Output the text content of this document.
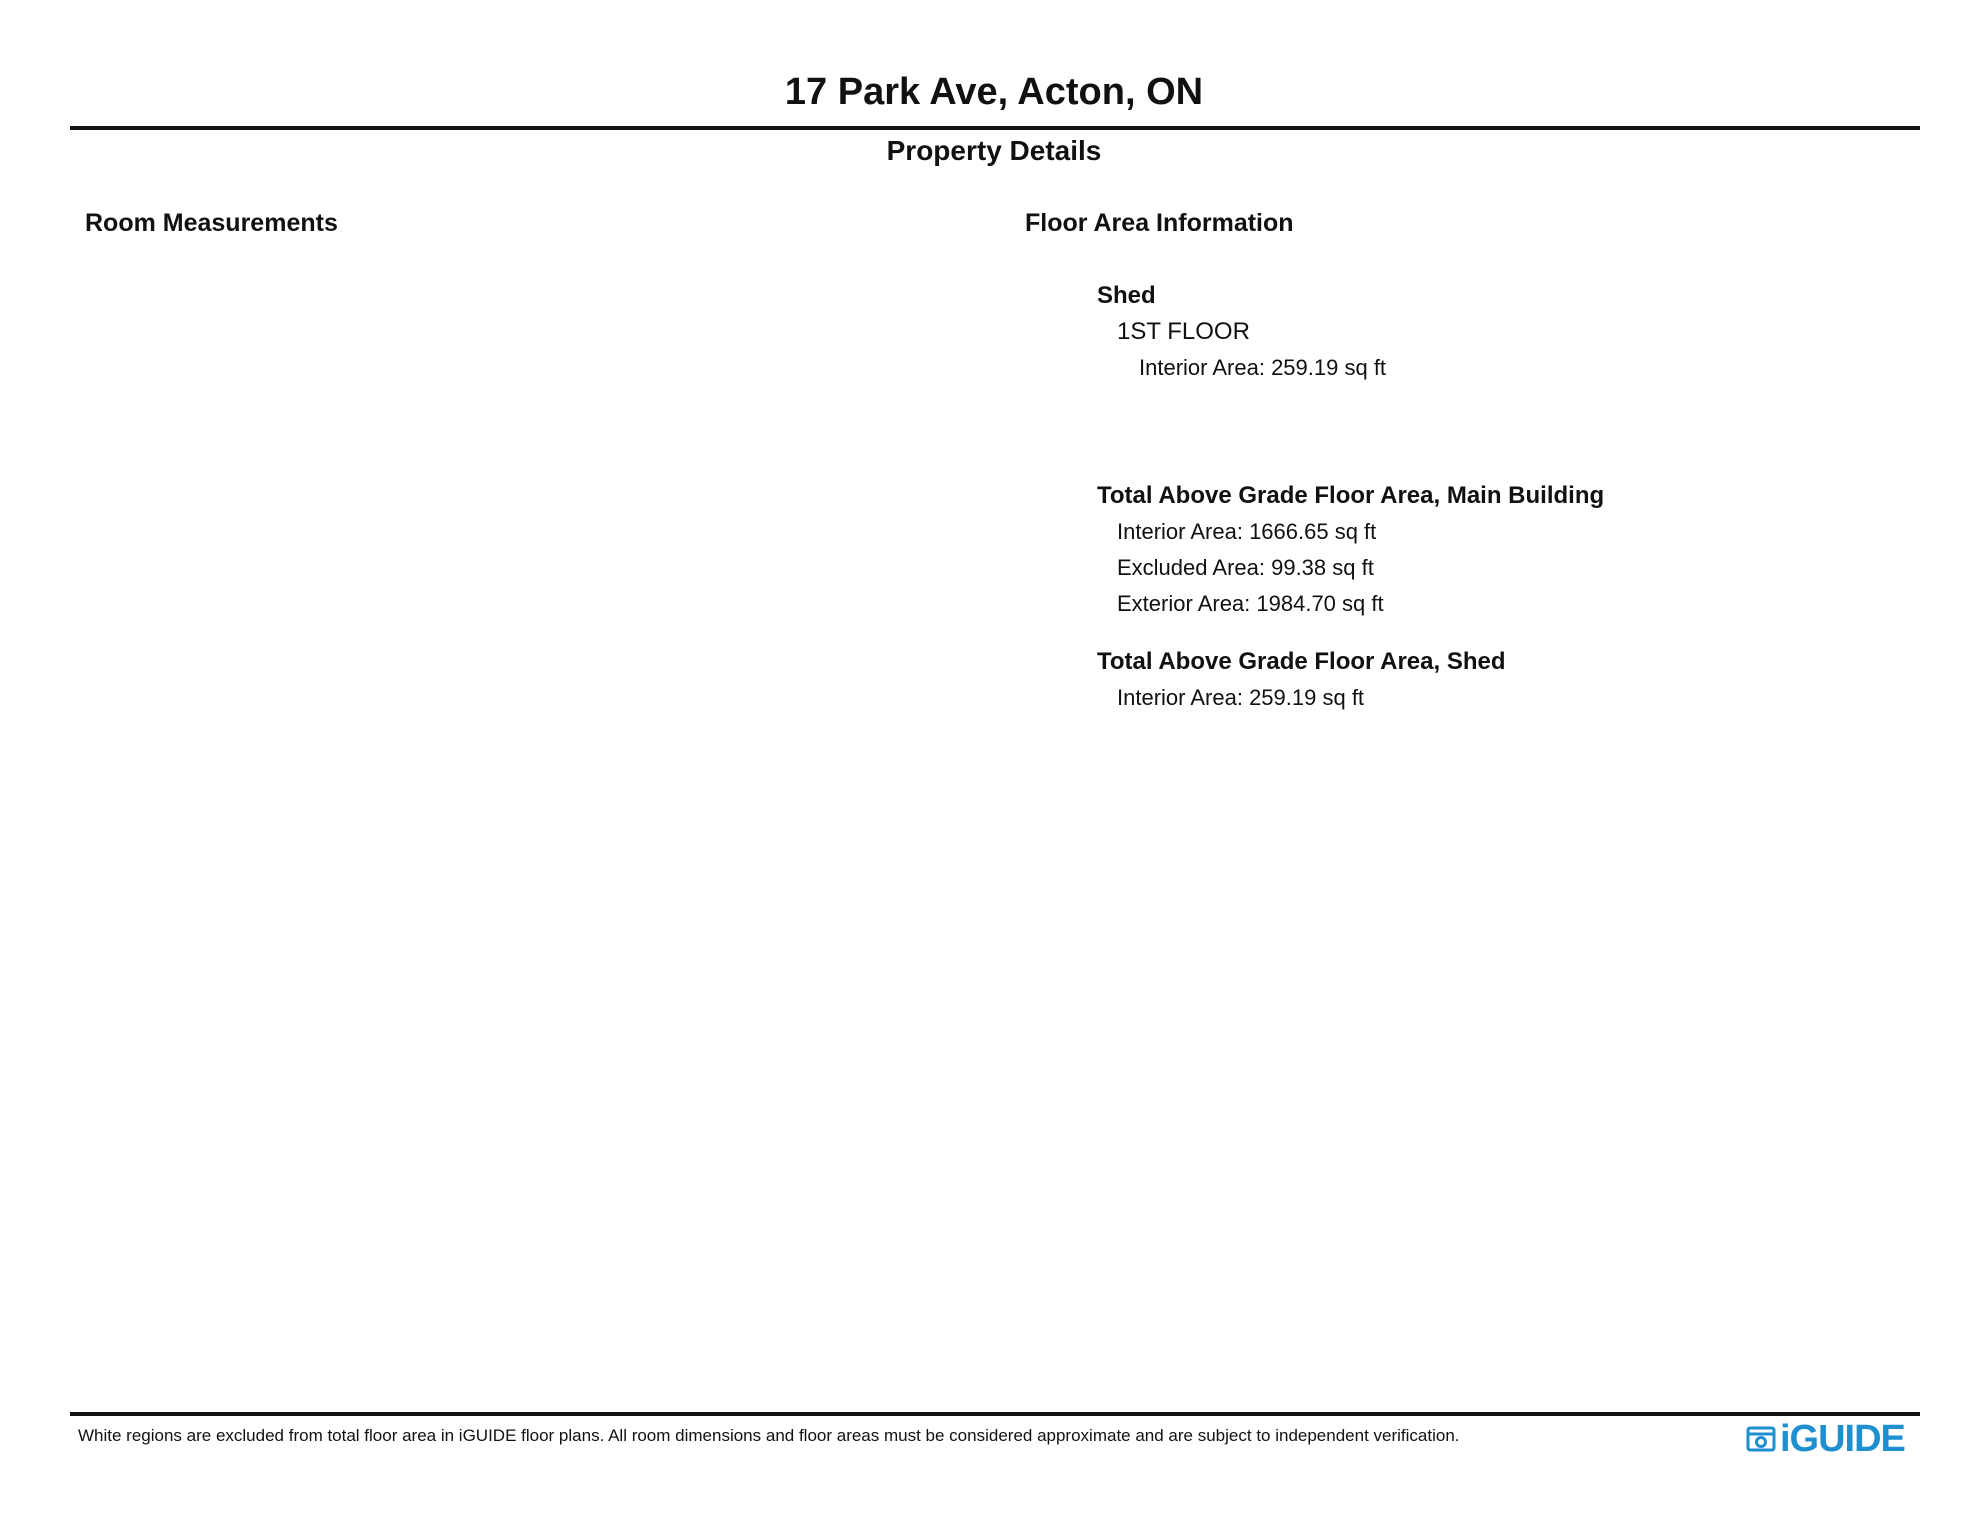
17 Park Ave, Acton, ON
Property Details
Room Measurements	Floor Area Information

Shed

1ST FLOOR

Interior Area: 259.19 sq ft

Total Above Grade Floor Area, Main Building

Interior Area: 1666.65 sq ft

Excluded Area: 99.38 sq ft

Exterior Area: 1984.70 sq ft

Total Above Grade Floor Area, Shed

Interior Area: 259.19 sq ft

White regions are excluded from total floor area in iGUIDE floor plans. All room dimensions and floor areas must be considered approximate and are subject to independent verification.	iGUIDE
